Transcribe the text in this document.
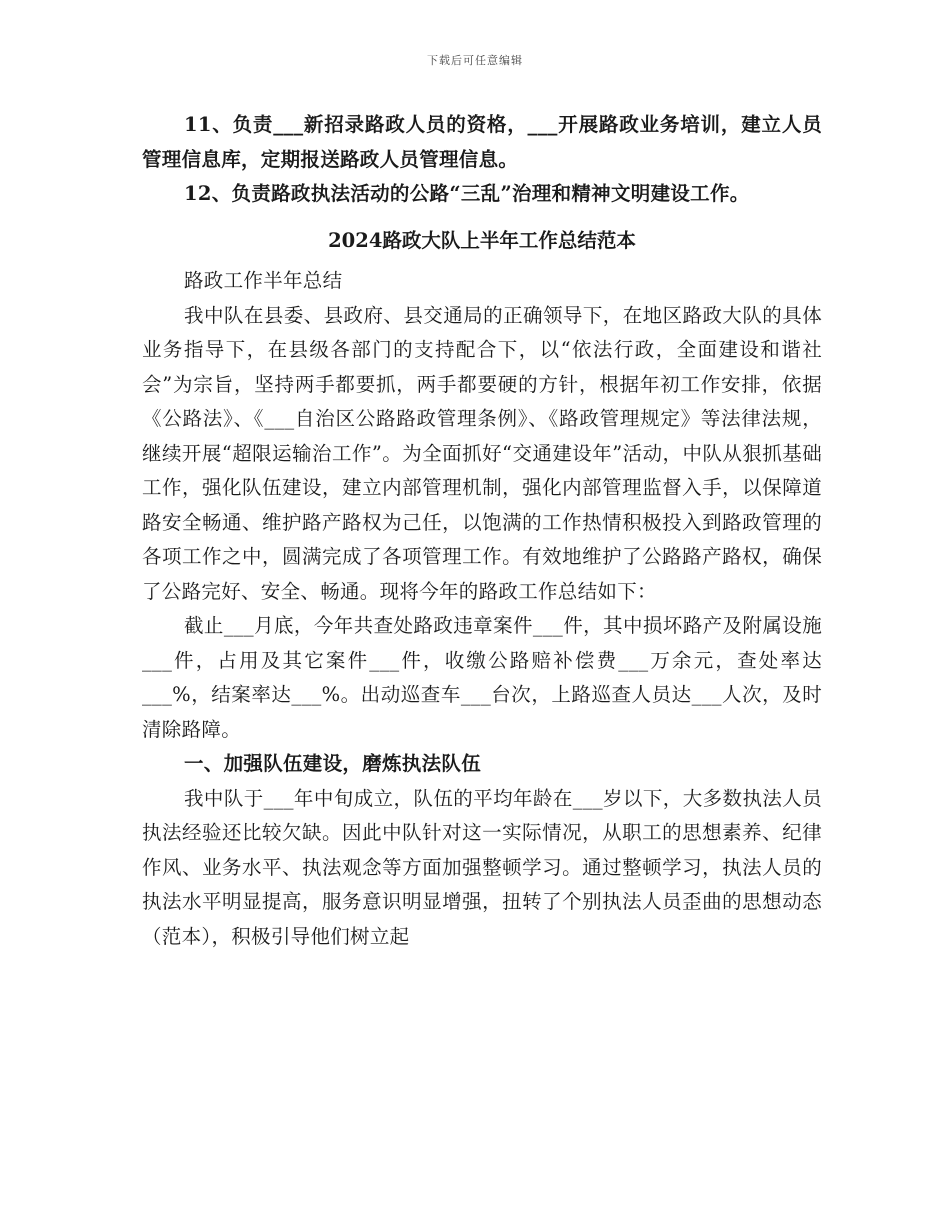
下载后可任意编辑

11、负责___新招录路政人员的资格，___开展路政业务培训，建立人员管理信息库，定期报送路政人员管理信息。

12、负责路政执法活动的公路“三乱”治理和精神文明建设工作。

2024路政大队上半年工作总结范本

路政工作半年总结

我中队在县委、县政府、县交通局的正确领导下，在地区路政大队的具体业务指导下，在县级各部门的支持配合下，以“依法行政，全面建设和谐社会”为宗旨，坚持两手都要抓，两手都要硬的方针，根据年初工作安排，依据《公路法》、《___自治区公路路政管理条例》、《路政管理规定》等法律法规，继续开展“超限运输治工作”。为全面抓好“交通建设年”活动，中队从狠抓基础工作，强化队伍建设，建立内部管理机制，强化内部管理监督入手，以保障道路安全畅通、维护路产路权为己任，以饱满的工作热情积极投入到路政管理的各项工作之中，圆满完成了各项管理工作。有效地维护了公路路产路权，确保了公路完好、安全、畅通。现将今年的路政工作总结如下：

截止___月底，今年共查处路政违章案件___件，其中损坏路产及附属设施___件，占用及其它案件___件，收缴公路赔补偿费___万余元，查处率达___%，结案率达___%。出动巡查车___台次，上路巡查人员达___人次，及时清除路障。

一、加强队伍建设，磨炼执法队伍

我中队于___年中旬成立，队伍的平均年龄在___岁以下，大多数执法人员执法经验还比较欠缺。因此中队针对这一实际情况，从职工的思想素养、纪律作风、业务水平、执法观念等方面加强整顿学习。通过整顿学习，执法人员的执法水平明显提高，服务意识明显增强，扭转了个别执法人员歪曲的思想动态（范本），积极引导他们树立起
